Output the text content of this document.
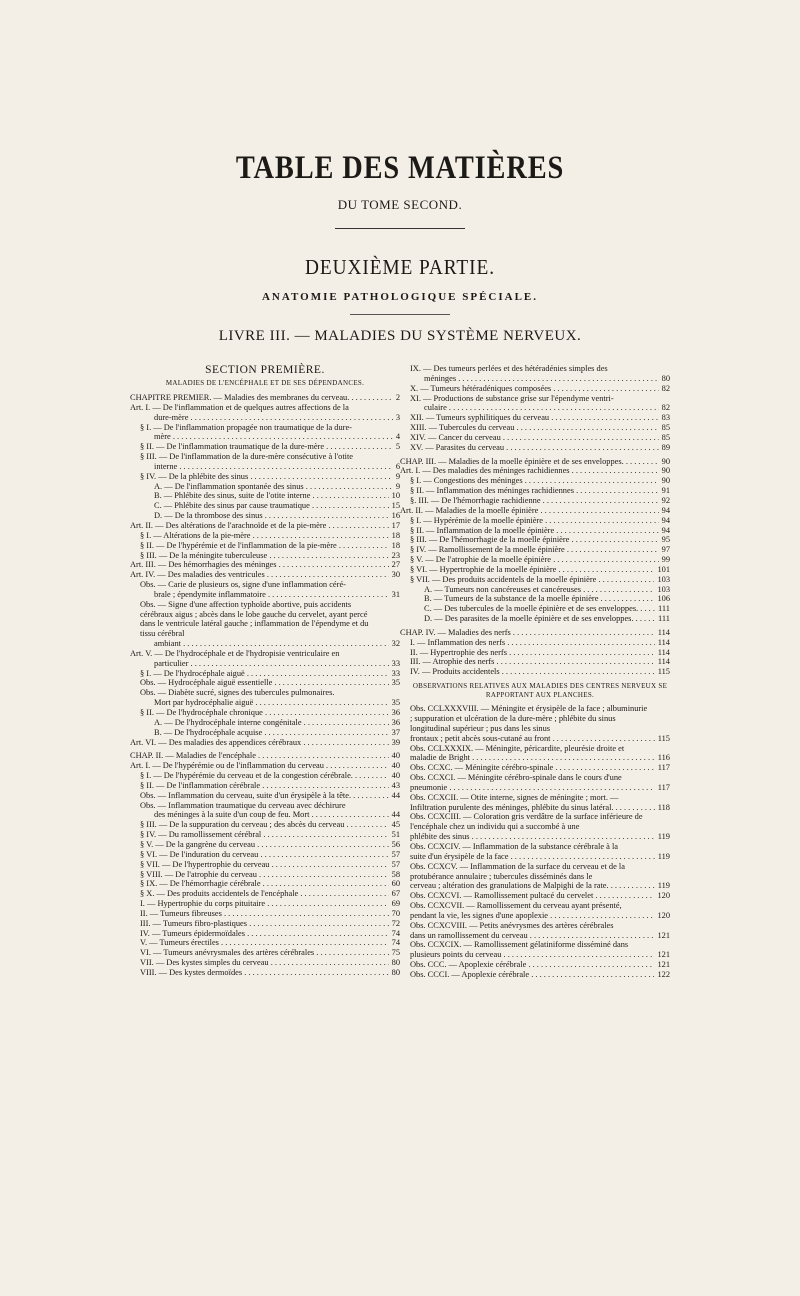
TABLE DES MATIÈRES
DU TOME SECOND.
DEUXIÈME PARTIE.
ANATOMIE PATHOLOGIQUE SPÉCIALE.
LIVRE III. — MALADIES DU SYSTÈME NERVEUX.
SECTION PREMIÈRE.
MALADIES DE L'ENCÉPHALE ET DE SES DÉPENDANCES.
CHAPITRE PREMIER. — Maladies des membranes du cerveau.	2
. . .
Art. I. — De l'inflammation et de quelques autres affections de la
dure-mère	3
. . .
§ I. — De l'inflammation propagée non traumatique de la dure-
mère	4
. . .
§ II. — De l'inflammation traumatique de la dure-mère	5
. . .
§ III. — De l'inflammation de la dure-mère consécutive à l'otite
interne	6
. . .
§ IV. — De la phlébite des sinus	9
. . .
A. — De l'inflammation spontanée des sinus	9
. . .
B. — Phlébite des sinus, suite de l'otite interne	10
. . .
C. — Phlébite des sinus par cause traumatique	15
. . .
D. — De la thrombose des sinus	16
. . .
Art. II. — Des altérations de l'arachnoïde et de la pie-mère	17
. . .
§ I. — Altérations de la pie-mère	18
. . .
§ II. — De l'hypérémie et de l'inflammation de la pie-mère	18
. . .
§ III. — De la méningite tuberculeuse	23
. . .
Art. III. — Des hémorrhagies des méninges	27
. . .
Art. IV. — Des maladies des ventricules	30
. . .
Obs. — Carie de plusieurs os, signe d'une inflammation céré-
brale ; épendymite inflammatoire	31
. . .
Obs. — Signe d'une affection typhoïde abortive, puis accidents cérébraux aigus ; abcès dans le lobe gauche du cervelet, ayant percé dans le ventricule latéral gauche ; inflammation de l'épendyme et du tissu cérébral
ambiant	32
. . .
Art. V. — De l'hydrocéphale et de l'hydropisie ventriculaire en
particulier	33
. . .
§ I. — De l'hydrocéphale aiguë	33
. . .
Obs. — Hydrocéphale aiguë essentielle	35
. . .
Obs. — Diabète sucré, signes des tubercules pulmonaires.
Mort par hydrocéphalie aiguë	35
. . .
§ II. — De l'hydrocéphale chronique	36
. . .
A. — De l'hydrocéphale interne congénitale	36
. . .
B. — De l'hydrocéphale acquise	37
. . .
Art. VI. — Des maladies des appendices cérébraux	39
. . .
CHAP. II. — Maladies de l'encéphale	40
. . .
Art. I. — De l'hypérémie ou de l'inflammation du cerveau	40
. . .
§ I. — De l'hypérémie du cerveau et de la congestion cérébrale.	40
. . .
§ II. — De l'inflammation cérébrale	43
. . .
Obs. — Inflammation du cerveau, suite d'un érysipèle à la tête.	44
. . .
Obs. — Inflammation traumatique du cerveau avec déchirure
des méninges à la suite d'un coup de feu. Mort	44
. . .
§ III. — De la suppuration du cerveau ; des abcès du cerveau	45
. . .
§ IV. — Du ramollissement cérébral	51
. . .
§ V. — De la gangrène du cerveau	56
. . .
§ VI. — De l'induration du cerveau	57
. . .
§ VII. — De l'hypertrophie du cerveau	57
. . .
§ VIII. — De l'atrophie du cerveau	58
. . .
§ IX. — De l'hémorrhagie cérébrale	60
. . .
§ X. — Des produits accidentels de l'encéphale	67
. . .
I. — Hypertrophie du corps pituitaire	69
. . .
II. — Tumeurs fibreuses	70
. . .
III. — Tumeurs fibro-plastiques	72
. . .
IV. — Tumeurs épidermoïdales	74
. . .
V. — Tumeurs érectiles	74
. . .
VI. — Tumeurs anévrysmales des artères cérébrales	75
. . .
VII. — Des kystes simples du cerveau	80
. . .
VIII. — Des kystes dermoïdes	80
. . .
IX. — Des tumeurs perlées et des hétéradénies simples des
méninges	80
. . .
X. — Tumeurs hétéradéniques composées	82
. . .
XI. — Productions de substance grise sur l'épendyme ventri-
culaire	82
. . .
XII. — Tumeurs syphilitiques du cerveau	83
. . .
XIII. — Tubercules du cerveau	85
. . .
XIV. — Cancer du cerveau	85
. . .
XV. — Parasites du cerveau	89
. . .
CHAP. III. — Maladies de la moelle épinière et de ses enveloppes.	90
. . .
Art. I. — Des maladies des méninges rachidiennes	90
. . .
§ I. — Congestions des méninges	90
. . .
§ II. — Inflammation des méninges rachidiennes	91
. . .
§. III. — De l'hémorrhagie rachidienne	92
. . .
Art. II. — Maladies de la moelle épinière	94
. . .
§ I. — Hypérémie de la moelle épinière	94
. . .
§ II. — Inflammation de la moelle épinière	94
. . .
§ III. — De l'hémorrhagie de la moelle épinière	95
. . .
§ IV. — Ramollissement de la moelle épinière	97
. . .
§ V. — De l'atrophie de la moelle épinière	99
. . .
§ VI. — Hypertrophie de la moelle épinière	101
. . .
§ VII. — Des produits accidentels de la moelle épinière	103
. . .
A. — Tumeurs non cancéreuses et cancéreuses	103
. . .
B. — Tumeurs de la substance de la moelle épinière	106
. . .
C. — Des tubercules de la moelle épinière et de ses enveloppes.	111
. . .
D. — Des parasites de la moelle épinière et de ses enveloppes.	111
. . .
CHAP. IV. — Maladies des nerfs	114
. . .
I. — Inflammation des nerfs	114
. . .
II. — Hypertrophie des nerfs	114
. . .
III. — Atrophie des nerfs	114
. . .
IV. — Produits accidentels	115
. . .
OBSERVATIONS RELATIVES AUX MALADIES DES CENTRES NERVEUX SE RAPPORTANT AUX PLANCHES.
Obs. CCLXXXVIII. — Méningite et érysipèle de la face ; albuminurie ; suppuration et ulcération de la dure-mère ; phlébite du sinus longitudinal supérieur ; pus dans les sinus
frontaux ; petit abcès sous-cutané au front	115
. . .
Obs. CCLXXXIX. — Méningite, péricardite, pleurésie droite et
maladie de Bright	116
. . .
Obs. CCXC. — Méningite cérébro-spinale	117
. . .
Obs. CCXCI. — Méningite cérébro-spinale dans le cours d'une
pneumonie	117
. . .
Obs. CCXCII. — Otite interne, signes de méningite ; mort. —
Infiltration purulente des méninges, phlébite du sinus latéral.	118
. . .
Obs. CCXCIII. — Coloration gris verdâtre de la surface inférieure de l'encéphale chez un individu qui a succombé à une
phlébite des sinus	119
. . .
Obs. CCXCIV. — Inflammation de la substance cérébrale à la
suite d'un érysipèle de la face	119
. . .
Obs. CCXCV. — Inflammation de la surface du cerveau et de la protubérance annulaire ; tubercules disséminés dans le
cerveau ; altération des granulations de Malpighi de la rate.	119
. . .
Obs. CCXCVI. — Ramollissement pultacé du cervelet	120
. . .
Obs. CCXCVII. — Ramollissement du cerveau ayant présenté,
pendant la vie, les signes d'une apoplexie	120
. . .
Obs. CCXCVIII. — Petits anévrysmes des artères cérébrales
dans un ramollissement du cerveau	121
. . .
Obs. CCXCIX. — Ramollissement gélatiniforme disséminé dans
plusieurs points du cerveau	121
. . .
Obs. CCC. — Apoplexie cérébrale	121
. . .
Obs. CCCI. — Apoplexie cérébrale	122
. . .
